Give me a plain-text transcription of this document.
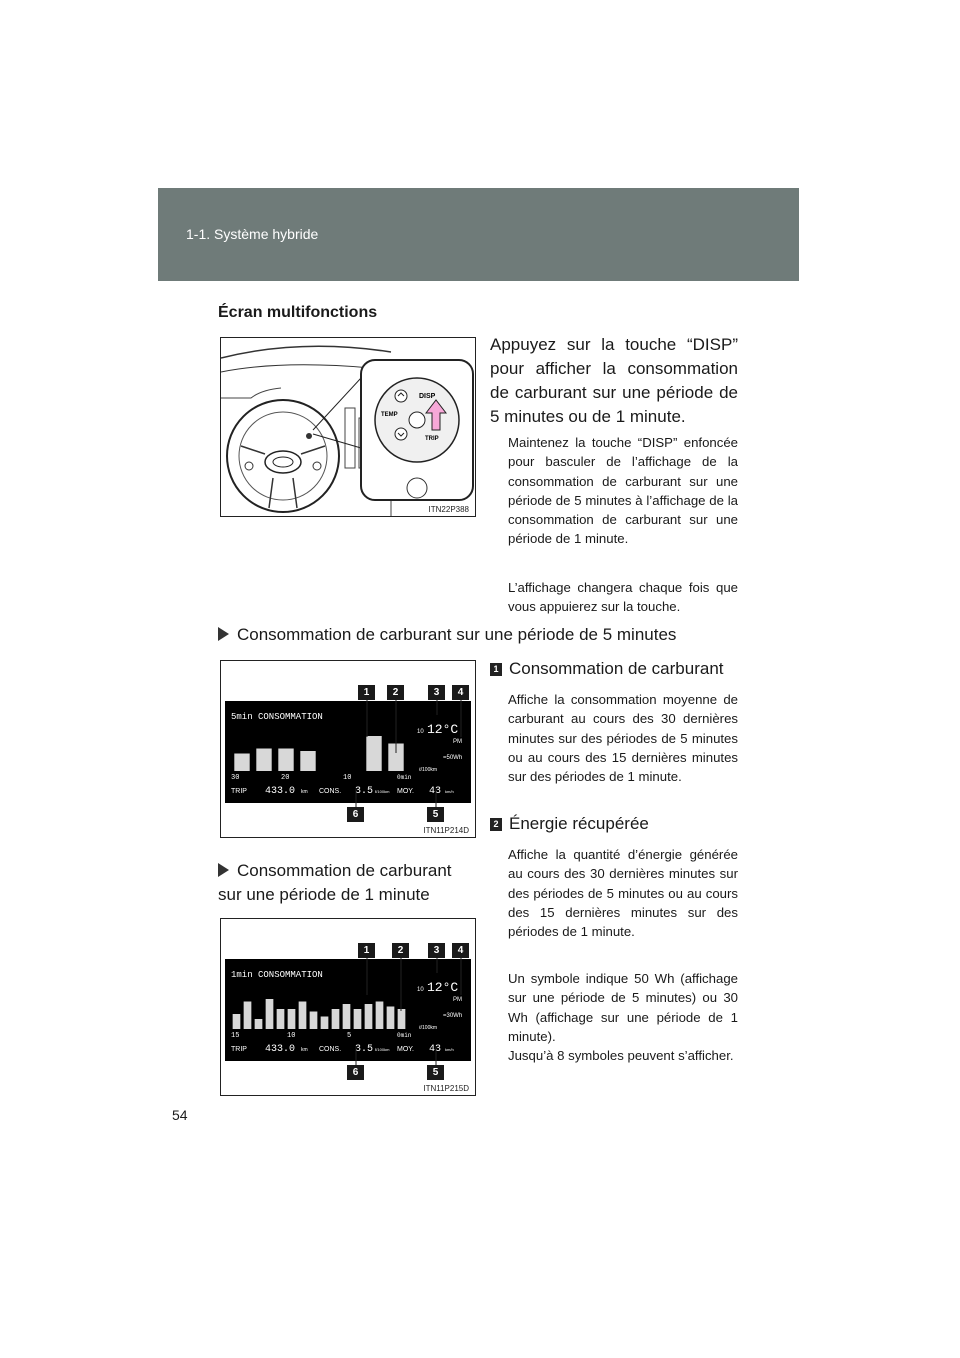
1-1. Système hybride
Écran multifonctions
DISP
TEMP
TRIP
ITN22P388
Appuyez sur la touche “DISP” pour afficher la consommation de carburant sur une période de 5 minutes ou de 1 minute.

Maintenez la touche “DISP” enfoncée pour basculer de l’affichage de la consommation de carburant sur une période de 5 minutes à l’affichage de la consommation de carburant sur une période de 1 minute.

L’affichage changera chaque fois que vous appuierez sur la touche.

Consommation de carburant sur une période de 5 minutes
5min CONSOMMATION
30	20	10	0min
TRIP 433.0 km CONS. 3.5 ℓ/100km MOY. 43 km/h
12°C
PM
10
=50Wh
ℓ/100km
1	2	3	4
5
6
ITN11P214D
Consommation de carburant sur une période de 1 minute
1min CONSOMMATION
15	10	5	0min
TRIP 433.0 km CONS. 3.5 ℓ/100km MOY. 43 km/h
12°C
PM
10
=30Wh
ℓ/100km
1	2	3	4
5
6
ITN11P215D
1 Consommation de carburant

Affiche la consommation moyenne de carburant au cours des 30 dernières minutes sur des périodes de 5 minutes ou au cours des 15 dernières minutes sur des périodes de 1 minute.

2 Énergie récupérée

Affiche la quantité d’énergie générée au cours des 30 dernières minutes sur des périodes de 5 minutes ou au cours des 15 dernières minutes sur des périodes de 1 minute.

Un symbole indique 50 Wh (affichage sur une période de 5 minutes) ou 30 Wh (affichage sur une période de 1 minute).

Jusqu’à 8 symboles peuvent s’afficher.

54
